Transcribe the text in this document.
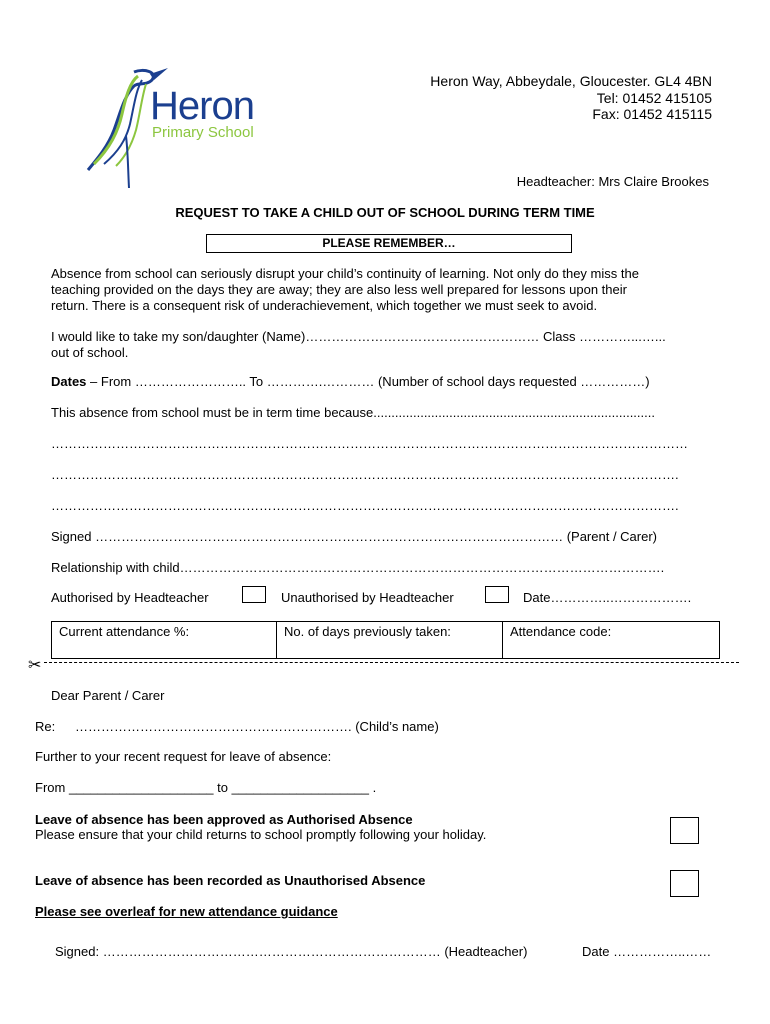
Heron
Primary School
Heron Way, Abbeydale, Gloucester. GL4 4BN
Tel: 01452 415105
Fax: 01452 415115
Headteacher: Mrs Claire Brookes
REQUEST TO TAKE A CHILD OUT OF SCHOOL DURING TERM TIME
PLEASE REMEMBER…
Absence from school can seriously disrupt your child’s continuity of learning. Not only do they miss the
teaching provided on the days they are away; they are also less well prepared for lessons upon their
return. There is a consequent risk of underachievement, which together we must seek to avoid.
I would like to take my son/daughter (Name)……………………………………………… Class …………...…...
out of school.
Dates – From …………………….. To ………….………… (Number of school days requested ……………)
This absence from school must be in term time because..............................................................................
…………………………………………………………………………………………………………………………………
……………………………………………………………………………………………………………………………….
……………………………………………………………………………………………………………………………….
Signed ……………………………………………………………………………………………… (Parent / Carer)
Relationship with child………………………………………………………………………………………………….
Authorised by Headteacher	Unauthorised by Headteacher	Date…………..……………….
Current attendance %:	No. of days previously taken:	Attendance code:
✂
Dear Parent / Carer
Re: ………………………………………………………. (Child’s name)
Further to your recent request for leave of absence:
From ____________________ to ___________________ .
Leave of absence has been approved as Authorised Absence
Please ensure that your child returns to school promptly following your holiday.
Leave of absence has been recorded as Unauthorised Absence
Please see overleaf for new attendance guidance
Signed: …………………………………………………………………… (Headteacher)	Date ……………..……
